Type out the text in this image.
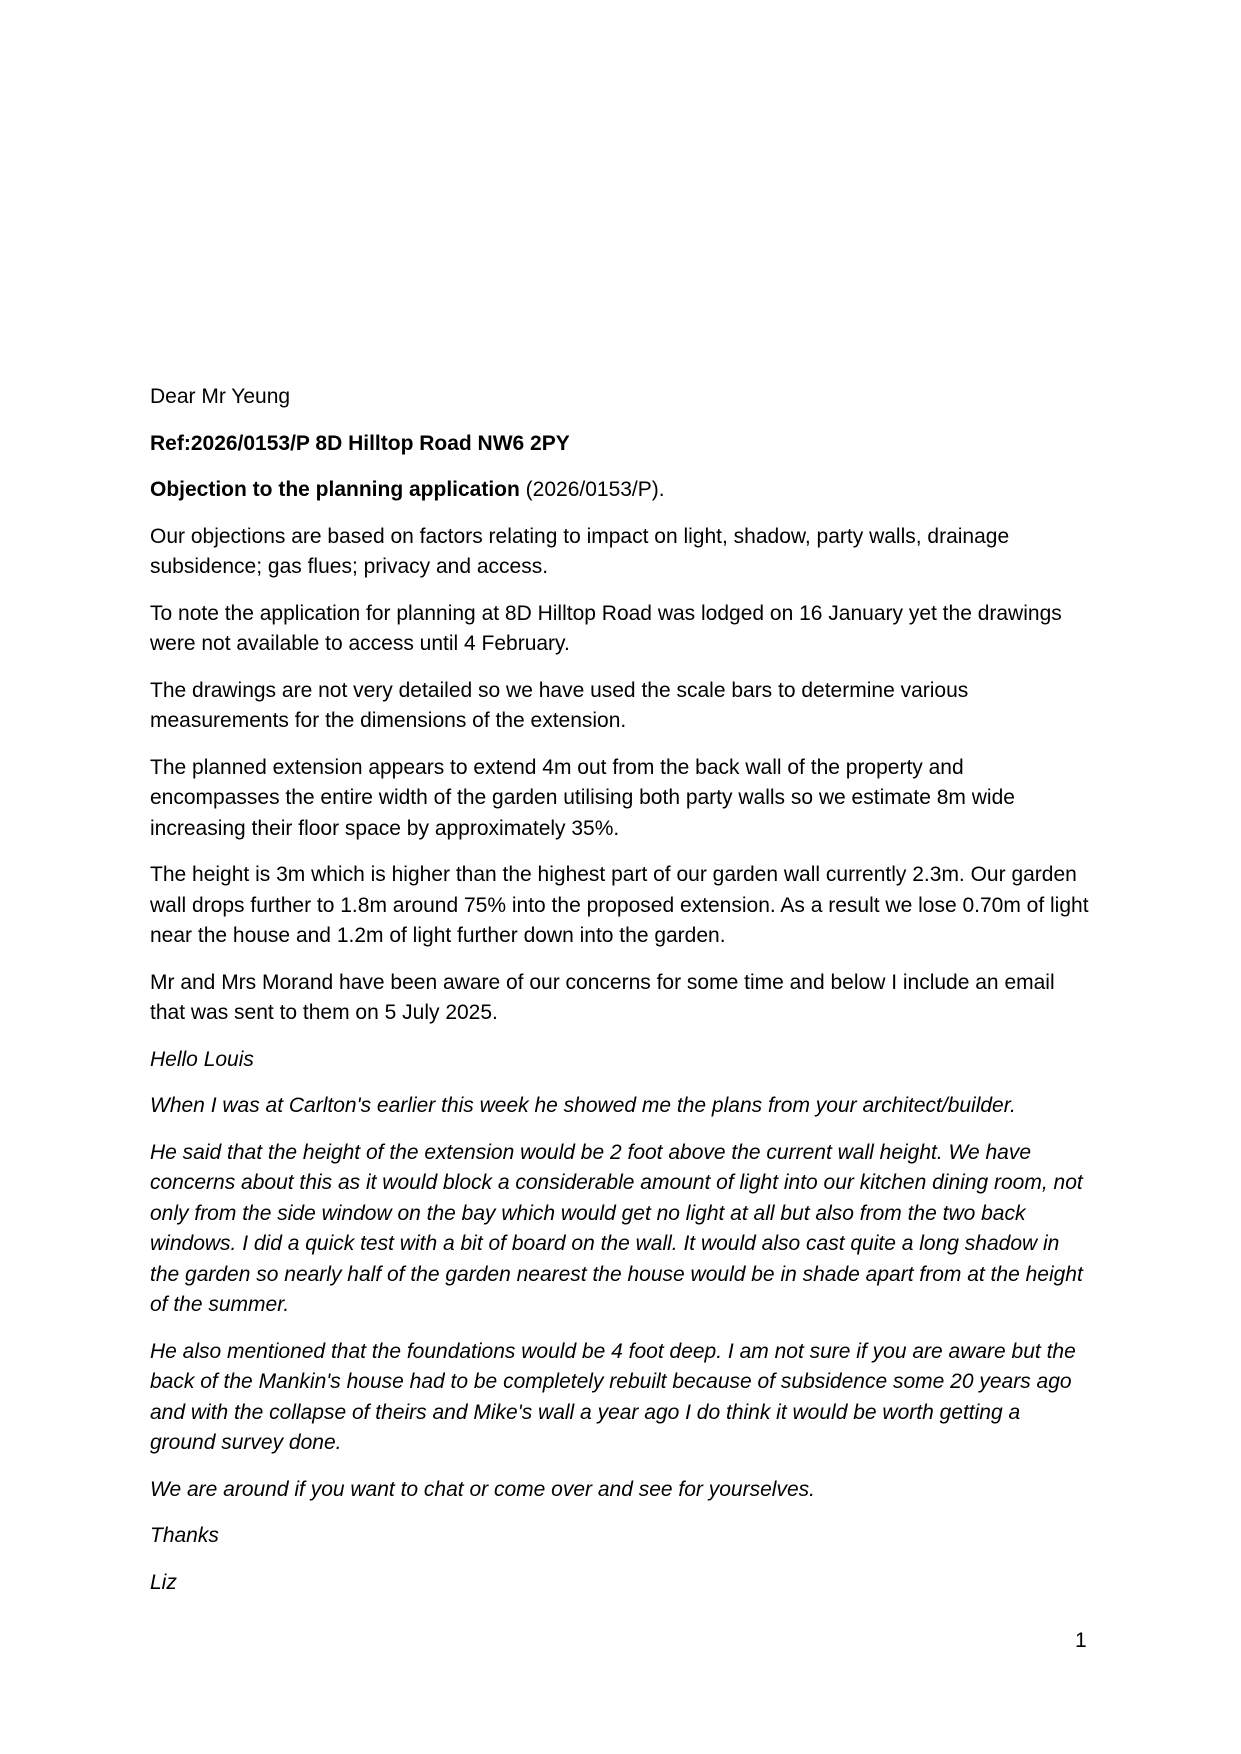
Dear Mr Yeung

Ref:2026/0153/P 8D Hilltop Road NW6 2PY

Objection to the planning application (2026/0153/P).

Our objections are based on factors relating to impact on light, shadow, party walls, drainage subsidence; gas flues; privacy and access.

To note the application for planning at 8D Hilltop Road was lodged on 16 January yet the drawings were not available to access until 4 February.

The drawings are not very detailed so we have used the scale bars to determine various measurements for the dimensions of the extension.

The planned extension appears to extend 4m out from the back wall of the property and encompasses the entire width of the garden utilising both party walls so we estimate 8m wide increasing their floor space by approximately 35%.

The height is 3m which is higher than the highest part of our garden wall currently 2.3m. Our garden wall drops further to 1.8m around 75% into the proposed extension. As a result we lose 0.70m of light near the house and 1.2m of light further down into the garden.

Mr and Mrs Morand have been aware of our concerns for some time and below I include an email that was sent to them on 5 July 2025.

Hello Louis

When I was at Carlton's earlier this week he showed me the plans from your architect/builder.

He said that the height of the extension would be 2 foot above the current wall height. We have concerns about this as it would block a considerable amount of light into our kitchen dining room, not only from the side window on the bay which would get no light at all but also from the two back windows. I did a quick test with a bit of board on the wall. It would also cast quite a long shadow in the garden so nearly half of the garden nearest the house would be in shade apart from at the height of the summer.

He also mentioned that the foundations would be 4 foot deep. I am not sure if you are aware but the back of the Mankin's house had to be completely rebuilt because of subsidence some 20 years ago and with the collapse of theirs and Mike's wall a year ago I do think it would be worth getting a ground survey done.

We are around if you want to chat or come over and see for yourselves.

Thanks

Liz

1
